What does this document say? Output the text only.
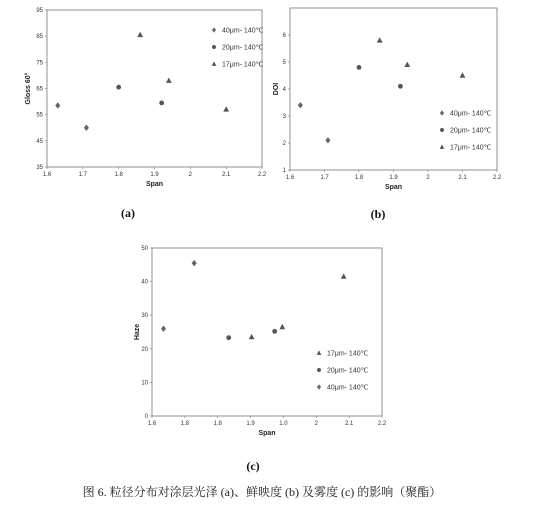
1.6	1.7	1.8	1.9	2	2.1	2.2
35
45
55
65
75
85
95
Span
Gloss 60°
40μm- 140℃
20μm- 140℃
17μm- 140℃
(a)
1.6	1.7	1.8	1.9	2	2.1	2.2
1
2
3
4
5
6
Span
DOI
40μm- 140℃
20μm- 140℃
17μm- 140℃
(b)
1.6	1.8	1.8	1.9	1.0	2	2.1	2.2
0
10
20
30
40
50
Span
Haze
17μm- 140℃
20μm- 140℃
40μm- 140℃
(c)
图 6. 粒径分布对涂层光泽 (a)、鲜映度 (b) 及雾度 (c) 的影响（聚酯）
